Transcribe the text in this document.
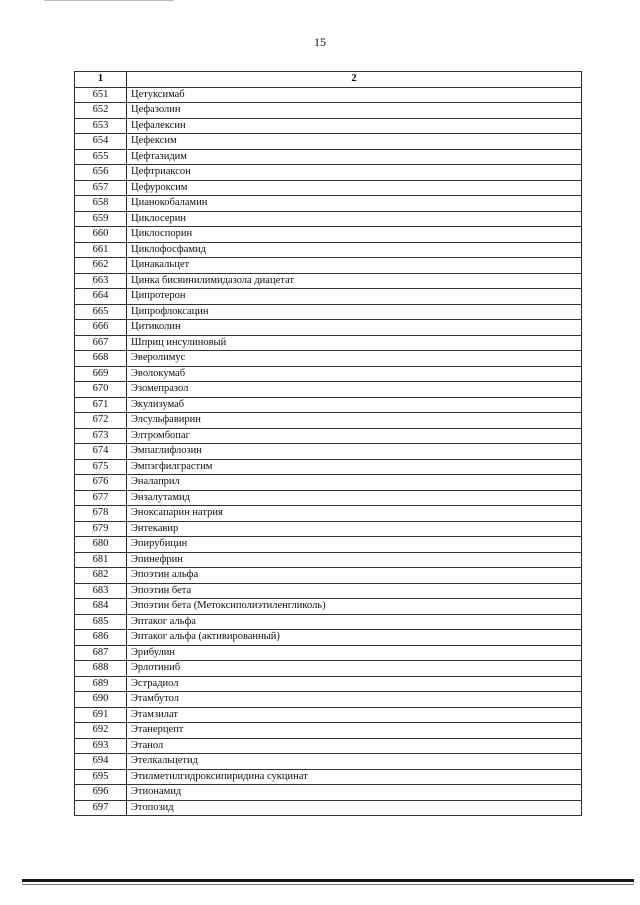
15
1	2
651	Цетуксимаб
652	Цефазолин
653	Цефалексин
654	Цефексим
655	Цефтазидим
656	Цефтриаксон
657	Цефуроксим
658	Цианокобаламин
659	Циклосерин
660	Циклоспорин
661	Циклофосфамид
662	Цинакальцет
663	Цинка бисвинилимидазола диацетат
664	Ципротерон
665	Ципрофлоксацин
666	Цитиколин
667	Шприц инсулиновый
668	Эверолимус
669	Эволокумаб
670	Эзомепразол
671	Экулизумаб
672	Элсульфавирин
673	Элтромбопаг
674	Эмпаглифлозин
675	Эмпэгфилграстим
676	Эналаприл
677	Энзалутамид
678	Эноксапарин натрия
679	Энтекавир
680	Эпирубицин
681	Эпинефрин
682	Эпоэтин альфа
683	Эпоэтин бета
684	Эпоэтин бета (Метоксиполиэтиленгликоль)
685	Эптаког альфа
686	Эптаког альфа (активированный)
687	Эрибулин
688	Эрлотиниб
689	Эстрадиол
690	Этамбутол
691	Этамзилат
692	Этанерцепт
693	Этанол
694	Этелкальцетид
695	Этилметилгидроксипиридина сукцинат
696	Этионамид
697	Этопозид
